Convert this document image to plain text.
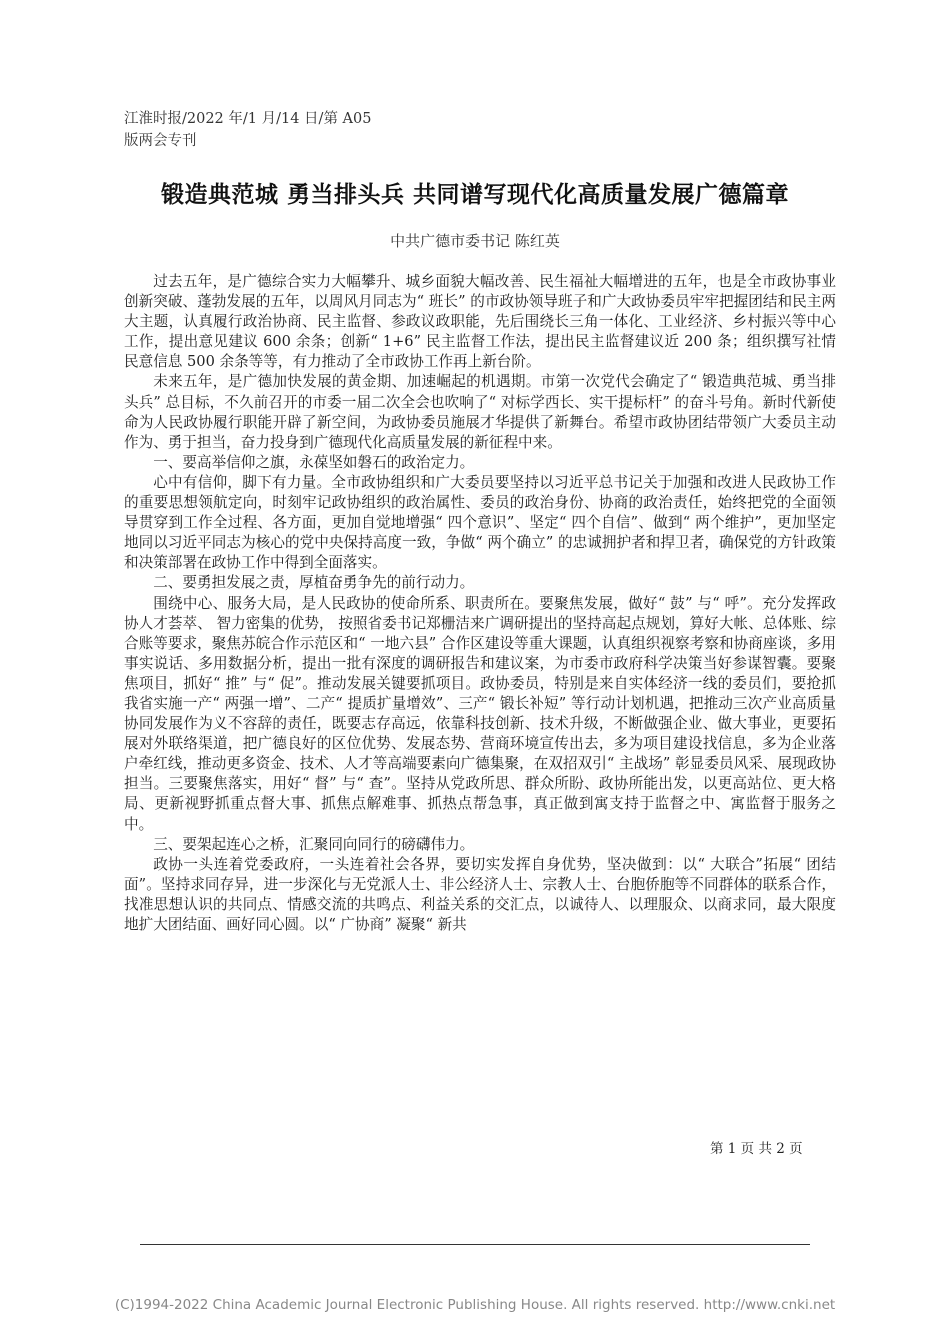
江淮时报/2022 年/1 月/14 日/第 A05
版两会专刊
锻造典范城 勇当排头兵 共同谱写现代化高质量发展广德篇章
中共广德市委书记 陈红英

过去五年，是广德综合实力大幅攀升、城乡面貌大幅改善、民生福祉大幅增进的五年，也是全市政协事业创新突破、蓬勃发展的五年，以周风月同志为“ 班长” 的市政协领导班子和广大政协委员牢牢把握团结和民主两大主题，认真履行政治协商、民主监督、参政议政职能，先后围绕长三角一体化、工业经济、乡村振兴等中心工作，提出意见建议 600 余条；创新“ 1+6” 民主监督工作法，提出民主监督建议近 200 条；组织撰写社情民意信息 500 余条等等，有力推动了全市政协工作再上新台阶。

未来五年，是广德加快发展的黄金期、加速崛起的机遇期。市第一次党代会确定了“ 锻造典范城、勇当排头兵” 总目标，不久前召开的市委一届二次全会也吹响了“ 对标学西长、实干提标杆” 的奋斗号角。新时代新使命为人民政协履行职能开辟了新空间，为政协委员施展才华提供了新舞台。希望市政协团结带领广大委员主动作为、勇于担当，奋力投身到广德现代化高质量发展的新征程中来。

一、要高举信仰之旗，永葆坚如磐石的政治定力。

心中有信仰，脚下有力量。全市政协组织和广大委员要坚持以习近平总书记关于加强和改进人民政协工作的重要思想领航定向，时刻牢记政协组织的政治属性、委员的政治身份、协商的政治责任，始终把党的全面领导贯穿到工作全过程、各方面，更加自觉地增强“ 四个意识”、坚定“ 四个自信”、做到“ 两个维护”，更加坚定地同以习近平同志为核心的党中央保持高度一致，争做“ 两个确立” 的忠诚拥护者和捍卫者，确保党的方针政策和决策部署在政协工作中得到全面落实。

二、要勇担发展之责，厚植奋勇争先的前行动力。

围绕中心、服务大局，是人民政协的使命所系、职责所在。要聚焦发展，做好“ 鼓” 与“ 呼”。充分发挥政协人才荟萃、 智力密集的优势， 按照省委书记郑栅洁来广调研提出的坚持高起点规划，算好大帐、总体账、综合账等要求，聚焦苏皖合作示范区和“ 一地六县” 合作区建设等重大课题，认真组织视察考察和协商座谈，多用事实说话、多用数据分析，提出一批有深度的调研报告和建议案，为市委市政府科学决策当好参谋智囊。要聚焦项目，抓好“ 推” 与“ 促”。推动发展关键要抓项目。政协委员，特别是来自实体经济一线的委员们，要抢抓我省实施一产“ 两强一增”、二产“ 提质扩量增效”、三产“ 锻长补短” 等行动计划机遇，把推动三次产业高质量协同发展作为义不容辞的责任，既要志存高远，依靠科技创新、技术升级，不断做强企业、做大事业，更要拓展对外联络渠道，把广德良好的区位优势、发展态势、营商环境宣传出去，多为项目建设找信息，多为企业落户牵红线，推动更多资金、技术、人才等高端要素向广德集聚，在双招双引“ 主战场” 彰显委员风采、展现政协担当。三要聚焦落实，用好“ 督” 与“ 查”。坚持从党政所思、群众所盼、政协所能出发，以更高站位、更大格局、更新视野抓重点督大事、抓焦点解难事、抓热点帮急事，真正做到寓支持于监督之中、寓监督于服务之中。

三、要架起连心之桥，汇聚同向同行的磅礴伟力。

政协一头连着党委政府，一头连着社会各界，要切实发挥自身优势，坚决做到：以“ 大联合”拓展“ 团结面”。坚持求同存异，进一步深化与无党派人士、非公经济人士、宗教人士、台胞侨胞等不同群体的联系合作，找准思想认识的共同点、情感交流的共鸣点、利益关系的交汇点，以诚待人、以理服众、以商求同，最大限度地扩大团结面、画好同心圆。以“ 广协商” 凝聚“ 新共

第 1 页 共 2 页
(C)1994-2022 China Academic Journal Electronic Publishing House. All rights reserved. http://www.cnki.net
